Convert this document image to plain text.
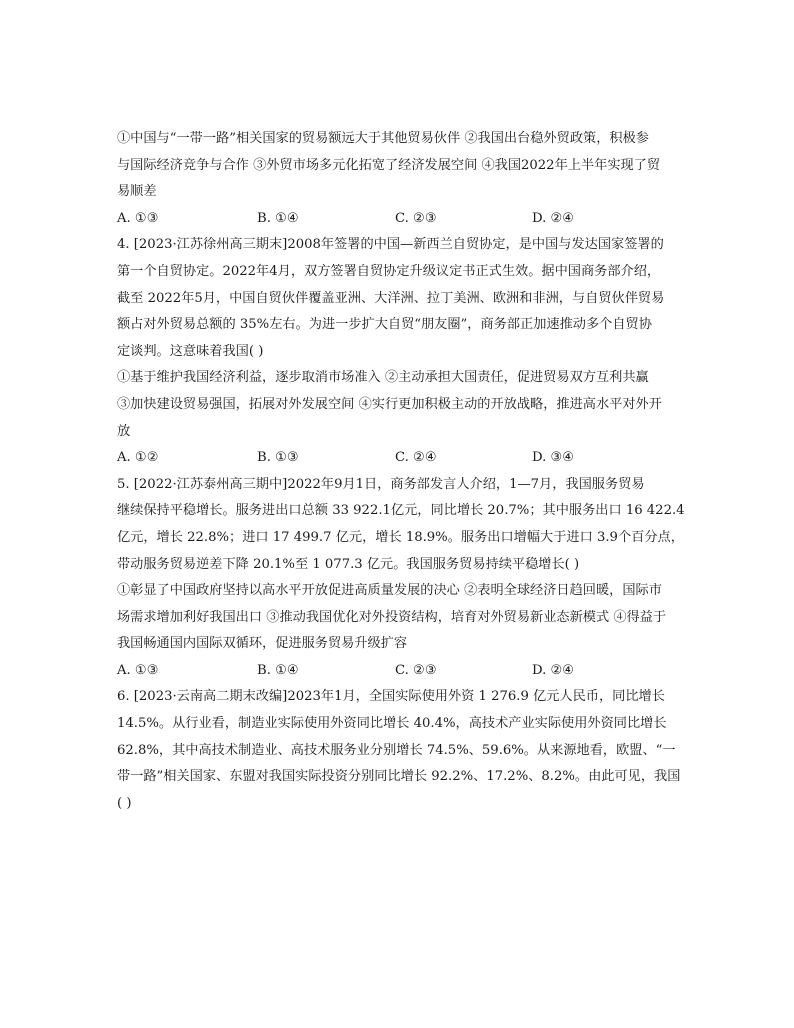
①中国与“一带一路”相关国家的贸易额远大于其他贸易伙伴 ②我国出台稳外贸政策，积极参
与国际经济竞争与合作 ③外贸市场多元化拓宽了经济发展空间 ④我国2022年上半年实现了贸
易顺差
A. ①③	B. ①④	C. ②③	D. ②④
4. [2023·江苏徐州高三期末]2008年签署的中国—新西兰自贸协定，是中国与发达国家签署的
第一个自贸协定。2022年4月，双方签署自贸协定升级议定书正式生效。据中国商务部介绍，
截至 2022年5月，中国自贸伙伴覆盖亚洲、大洋洲、拉丁美洲、欧洲和非洲，与自贸伙伴贸易
额占对外贸易总额的 35%左右。为进一步扩大自贸“朋友圈”，商务部正加速推动多个自贸协
定谈判。这意味着我国( )
①基于维护我国经济利益，逐步取消市场准入 ②主动承担大国责任，促进贸易双方互利共赢
③加快建设贸易强国，拓展对外发展空间 ④实行更加积极主动的开放战略，推进高水平对外开
放
A. ①②	B. ①③	C. ②④	D. ③④
5. [2022·江苏泰州高三期中]2022年9月1日，商务部发言人介绍，1—7月，我国服务贸易
继续保持平稳增长。服务进出口总额 33 922.1亿元，同比增长 20.7%；其中服务出口 16 422.4
亿元，增长 22.8%；进口 17 499.7 亿元，增长 18.9%。服务出口增幅大于进口 3.9个百分点，
带动服务贸易逆差下降 20.1%至 1 077.3 亿元。我国服务贸易持续平稳增长( )
①彰显了中国政府坚持以高水平开放促进高质量发展的决心 ②表明全球经济日趋回暖，国际市
场需求增加利好我国出口 ③推动我国优化对外投资结构，培育对外贸易新业态新模式 ④得益于
我国畅通国内国际双循环，促进服务贸易升级扩容
A. ①③	B. ①④	C. ②③	D. ②④
6. [2023·云南高二期末改编]2023年1月，全国实际使用外资 1 276.9 亿元人民币，同比增长
14.5%。从行业看，制造业实际使用外资同比增长 40.4%，高技术产业实际使用外资同比增长
62.8%，其中高技术制造业、高技术服务业分别增长 74.5%、59.6%。从来源地看，欧盟、“一
带一路”相关国家、东盟对我国实际投资分别同比增长 92.2%、17.2%、8.2%。由此可见，我国
( )
